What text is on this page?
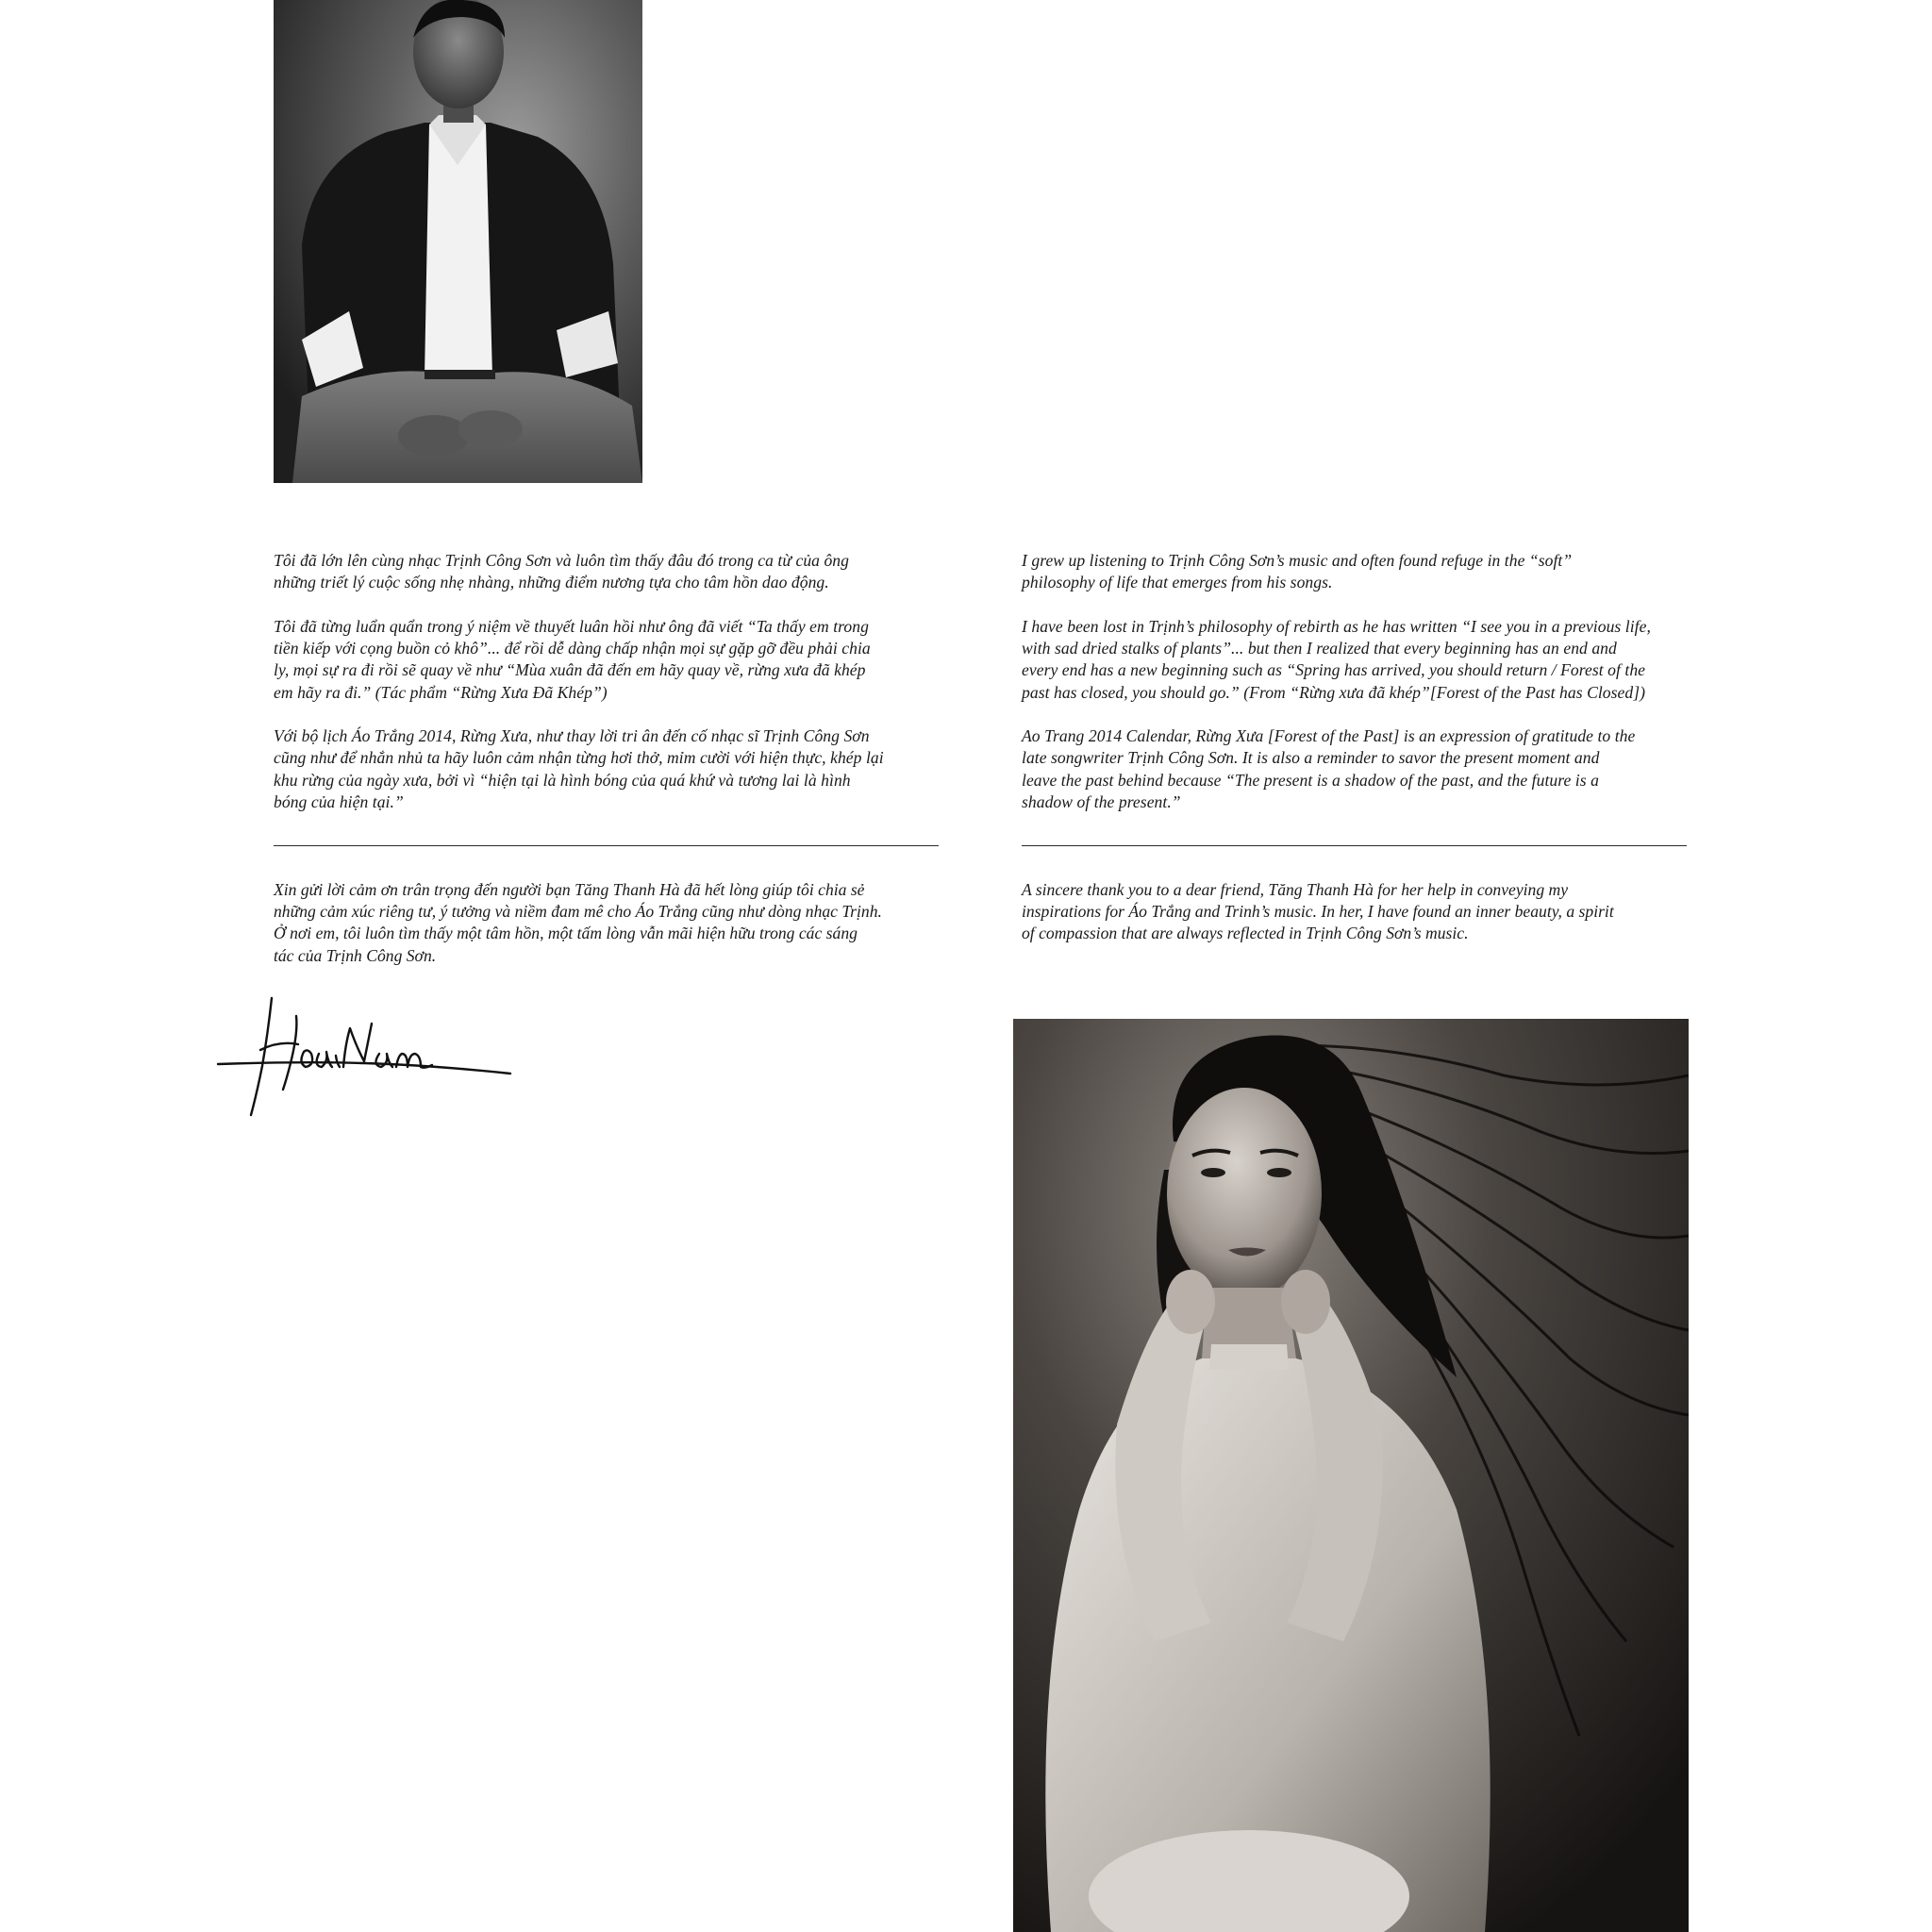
Tôi đã lớn lên cùng nhạc Trịnh Công Sơn và luôn tìm thấy đâu đó trong ca từ của ông
những triết lý cuộc sống nhẹ nhàng, những điểm nương tựa cho tâm hồn dao động.

Tôi đã từng luẩn quẩn trong ý niệm về thuyết luân hồi như ông đã viết “Ta thấy em trong
tiền kiếp với cọng buồn cỏ khô”... để rồi dễ dàng chấp nhận mọi sự gặp gỡ đều phải chia
ly, mọi sự ra đi rồi sẽ quay về như “Mùa xuân đã đến em hãy quay về, rừng xưa đã khép
em hãy ra đi.” (Tác phẩm “Rừng Xưa Đã Khép”)

Với bộ lịch Áo Trắng 2014, Rừng Xưa, như thay lời tri ân đến cố nhạc sĩ Trịnh Công Sơn
cũng như để nhắn nhủ ta hãy luôn cảm nhận từng hơi thở, mỉm cười với hiện thực, khép lại
khu rừng của ngày xưa, bởi vì “hiện tại là hình bóng của quá khứ và tương lai là hình
bóng của hiện tại.”

I grew up listening to Trịnh Công Sơn’s music and often found refuge in the “soft”
philosophy of life that emerges from his songs.

I have been lost in Trịnh’s philosophy of rebirth as he has written “I see you in a previous life,
with sad dried stalks of plants”... but then I realized that every beginning has an end and
every end has a new beginning such as “Spring has arrived, you should return / Forest of the
past has closed, you should go.” (From “Rừng xưa đã khép”[Forest of the Past has Closed])

Ao Trang 2014 Calendar, Rừng Xưa [Forest of the Past] is an expression of gratitude to the
late songwriter Trịnh Công Sơn. It is also a reminder to savor the present moment and
leave the past behind because “The present is a shadow of the past, and the future is a
shadow of the present.”

Xin gửi lời cảm ơn trân trọng đến người bạn Tăng Thanh Hà đã hết lòng giúp tôi chia sẻ
những cảm xúc riêng tư, ý tưởng và niềm đam mê cho Áo Trắng cũng như dòng nhạc Trịnh.
Ở nơi em, tôi luôn tìm thấy một tâm hồn, một tấm lòng vẫn mãi hiện hữu trong các sáng
tác của Trịnh Công Sơn.

A sincere thank you to a dear friend, Tăng Thanh Hà for her help in conveying my
inspirations for Áo Trắng and Trinh’s music. In her, I have found an inner beauty, a spirit
of compassion that are always reflected in Trịnh Công Sơn’s music.
